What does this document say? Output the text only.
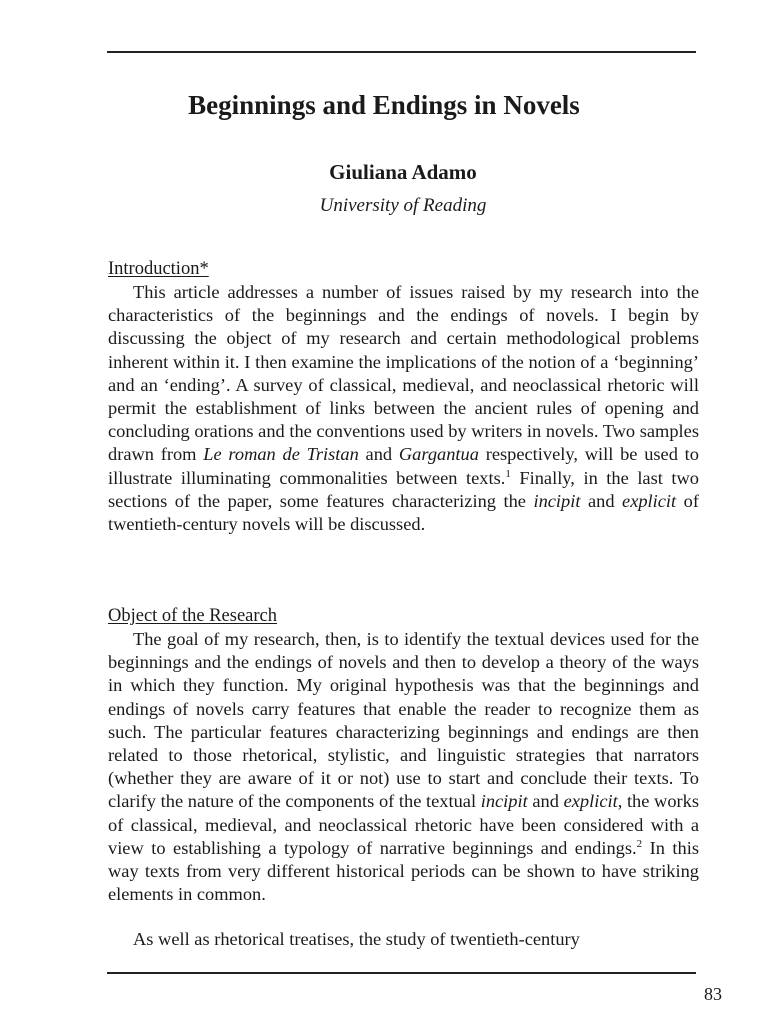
Beginnings and Endings in Novels
Giuliana Adamo
University of Reading
Introduction*

This article addresses a number of issues raised by my research into the characteristics of the beginnings and the endings of novels. I begin by discussing the object of my research and certain methodological problems inherent within it. I then examine the implications of the notion of a ‘beginning’ and an ‘ending’. A survey of classical, medieval, and neoclassical rhetoric will permit the establishment of links between the ancient rules of opening and concluding orations and the conventions used by writers in novels. Two samples drawn from Le roman de Tristan and Gargantua respectively, will be used to illustrate illuminating commonalities between texts.$^1$ Finally, in the last two sections of the paper, some features characterizing the incipit and explicit of twentieth-century novels will be discussed.

Object of the Research

The goal of my research, then, is to identify the textual devices used for the beginnings and the endings of novels and then to develop a theory of the ways in which they function. My original hypothesis was that the beginnings and endings of novels carry features that enable the reader to recognize them as such. The particular features characterizing beginnings and endings are then related to those rhetorical, stylistic, and linguistic strategies that narrators (whether they are aware of it or not) use to start and conclude their texts. To clarify the nature of the components of the textual incipit and explicit, the works of classical, medieval, and neoclassical rhetoric have been considered with a view to establishing a typology of narrative beginnings and endings.$^2$ In this way texts from very different historical periods can be shown to have striking elements in common.

As well as rhetorical treatises, the study of twentieth-century

83
